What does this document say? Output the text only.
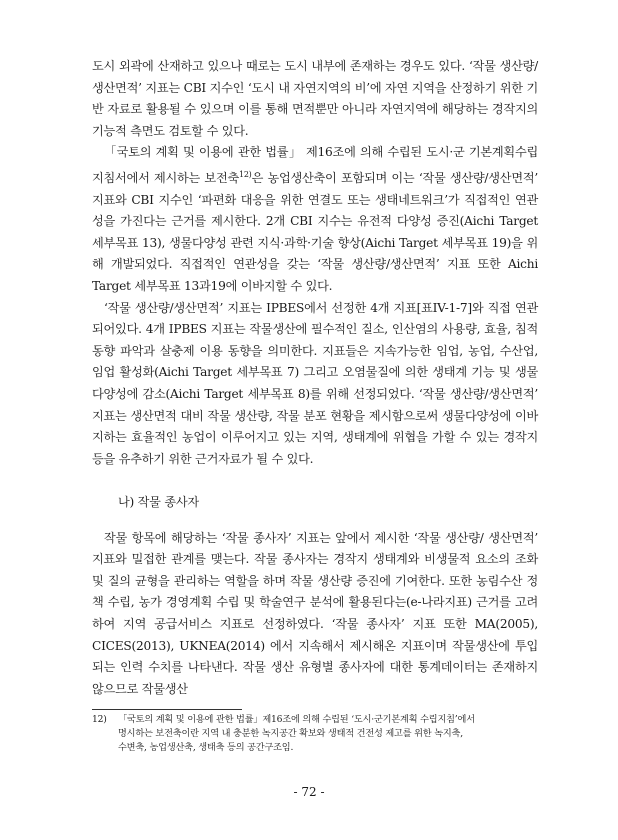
도시 외곽에 산재하고 있으나 때로는 도시 내부에 존재하는 경우도 있다. ‘작물 생산량/생산면적’ 지표는 CBI 지수인 ‘도시 내 자연지역의 비’에 자연 지역을 산정하기 위한 기반 자료로 활용될 수 있으며 이를 통해 면적뿐만 아니라 자연지역에 해당하는 경작지의 기능적 측면도 검토할 수 있다.

「국토의 계획 및 이용에 관한 법률」 제16조에 의해 수립된 도시·군 기본계획수립지침서에서 제시하는 보전축$^{12)}$은 농업생산축이 포함되며 이는 ‘작물 생산량/생산면적’ 지표와 CBI 지수인 ‘파편화 대응을 위한 연결도 또는 생태네트워크’가 직접적인 연관성을 가진다는 근거를 제시한다. 2개 CBI 지수는 유전적 다양성 증진(Aichi Target 세부목표 13), 생물다양성 관련 지식·과학·기술 향상(Aichi Target 세부목표 19)을 위해 개발되었다. 직접적인 연관성을 갖는 ‘작물 생산량/생산면적’ 지표 또한 Aichi Target 세부목표 13과19에 이바지할 수 있다.

‘작물 생산량/생산면적’ 지표는 IPBES에서 선정한 4개 지표[표IV-1-7]와 직접 연관되어있다. 4개 IPBES 지표는 작물생산에 필수적인 질소, 인산염의 사용량, 효율, 침적 동향 파악과 살충제 이용 동향을 의미한다. 지표들은 지속가능한 임업, 농업, 수산업, 임업 활성화(Aichi Target 세부목표 7) 그리고 오염물질에 의한 생태계 기능 및 생물다양성에 감소(Aichi Target 세부목표 8)를 위해 선정되었다. ‘작물 생산량/생산면적’ 지표는 생산면적 대비 작물 생산량, 작물 분포 현황을 제시함으로써 생물다양성에 이바지하는 효율적인 농업이 이루어지고 있는 지역, 생태계에 위협을 가할 수 있는 경작지 등을 유추하기 위한 근거자료가 될 수 있다.

나) 작물 종사자

작물 항목에 해당하는 ‘작물 종사자’ 지표는 앞에서 제시한 ‘작물 생산량/ 생산면적’ 지표와 밀접한 관계를 맺는다. 작물 종사자는 경작지 생태계와 비생물적 요소의 조화 및 질의 균형을 관리하는 역할을 하며 작물 생산량 증진에 기여한다. 또한 농림수산 정책 수립, 농가 경영계획 수립 및 학술연구 분석에 활용된다는(e-나라지표) 근거를 고려하여 지역 공급서비스 지표로 선정하였다. ‘작물 종사자’ 지표 또한 MA(2005), CICES(2013), UKNEA(2014) 에서 지속해서 제시해온 지표이며 작물생산에 투입되는 인력 수치를 나타낸다. 작물 생산 유형별 종사자에 대한 통계데이터는 존재하지 않으므로 작물생산

12) 「국토의 계획 및 이용에 관한 법률」제16조에 의해 수립된 ‘도시·군기본계획 수립지침’에서
명시하는 보전축이란 지역 내 충분한 녹지공간 확보와 생태적 건전성 제고를 위한 녹지축,
수변축, 농업생산축, 생태축 등의 공간구조임.
- 72 -
